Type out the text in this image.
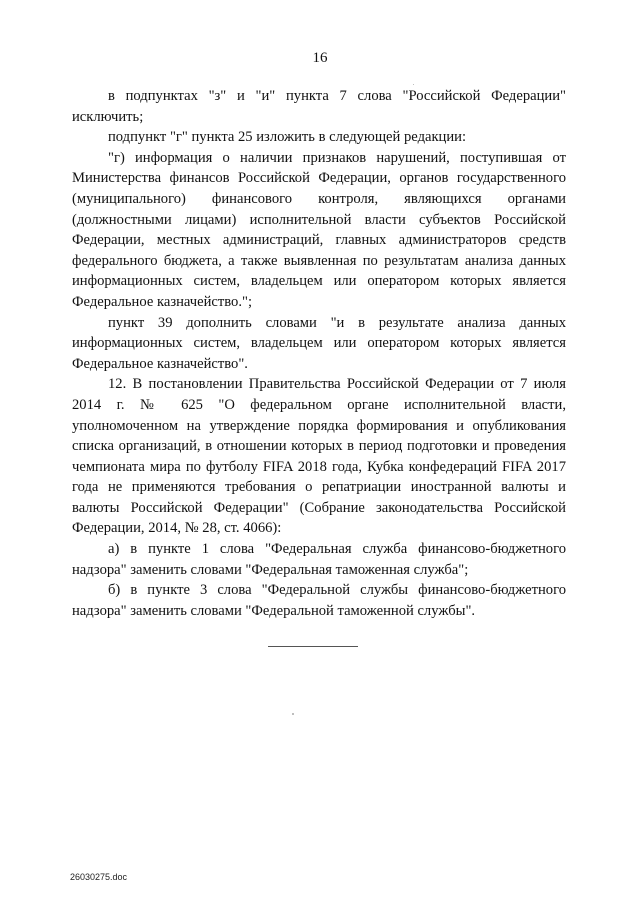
16

в подпунктах "з" и "и" пункта 7 слова "Российской Федерации" исключить;

подпункт "г" пункта 25 изложить в следующей редакции:

"г) информация о наличии признаков нарушений, поступившая от Министерства финансов Российской Федерации, органов государственного (муниципального) финансового контроля, являющихся органами (должностными лицами) исполнительной власти субъектов Российской Федерации, местных администраций, главных администраторов средств федерального бюджета, а также выявленная по результатам анализа данных информационных систем, владельцем или оператором которых является Федеральное казначейство.";

пункт 39 дополнить словами "и в результате анализа данных информационных систем, владельцем или оператором которых является Федеральное казначейство".

12. В постановлении Правительства Российской Федерации от 7 июля 2014 г. № 625 "О федеральном органе исполнительной власти, уполномоченном на утверждение порядка формирования и опубликования списка организаций, в отношении которых в период подготовки и проведения чемпионата мира по футболу FIFA 2018 года, Кубка конфедераций FIFA 2017 года не применяются требования о репатриации иностранной валюты и валюты Российской Федерации" (Собрание законодательства Российской Федерации, 2014, № 28, ст. 4066):

а) в пункте 1 слова "Федеральная служба финансово-бюджетного надзора" заменить словами "Федеральная таможенная служба";

б) в пункте 3 слова "Федеральной службы финансово-бюджетного надзора" заменить словами "Федеральной таможенной службы".

26030275.doc
